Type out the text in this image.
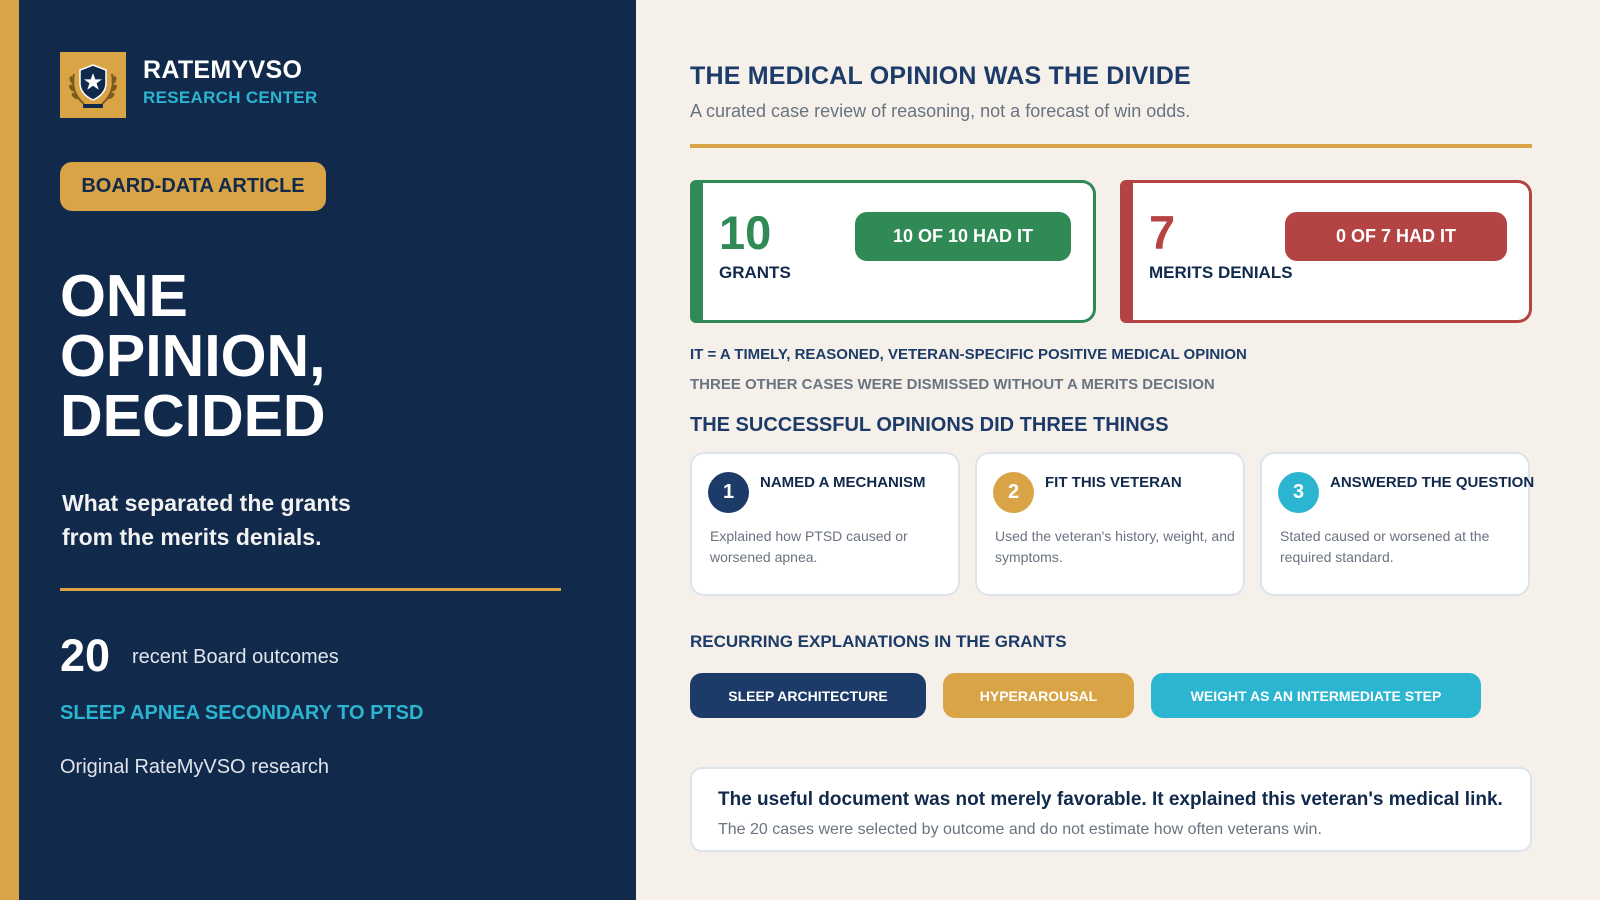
RATEMYVSO
RESEARCH CENTER
BOARD-DATA ARTICLE
ONE
OPINION,
DECIDED
What separated the grants
from the merits denials.
20 recent Board outcomes
SLEEP APNEA SECONDARY TO PTSD
Original RateMyVSO research
THE MEDICAL OPINION WAS THE DIVIDE
A curated case review of reasoning, not a forecast of win odds.
10
GRANTS
10 OF 10 HAD IT	7
MERITS DENIALS
0 OF 7 HAD IT
IT = A TIMELY, REASONED, VETERAN-SPECIFIC POSITIVE MEDICAL OPINION
THREE OTHER CASES WERE DISMISSED WITHOUT A MERITS DECISION
THE SUCCESSFUL OPINIONS DID THREE THINGS
1	NAMED A MECHANISM
Explained how PTSD caused or worsened apnea.
2	FIT THIS VETERAN
Used the veteran's history, weight, and symptoms.
3	ANSWERED THE QUESTION
Stated caused or worsened at the required standard.
RECURRING EXPLANATIONS IN THE GRANTS
SLEEP ARCHITECTURE	HYPERAROUSAL	WEIGHT AS AN INTERMEDIATE STEP
The useful document was not merely favorable. It explained this veteran's medical link.
The 20 cases were selected by outcome and do not estimate how often veterans win.
